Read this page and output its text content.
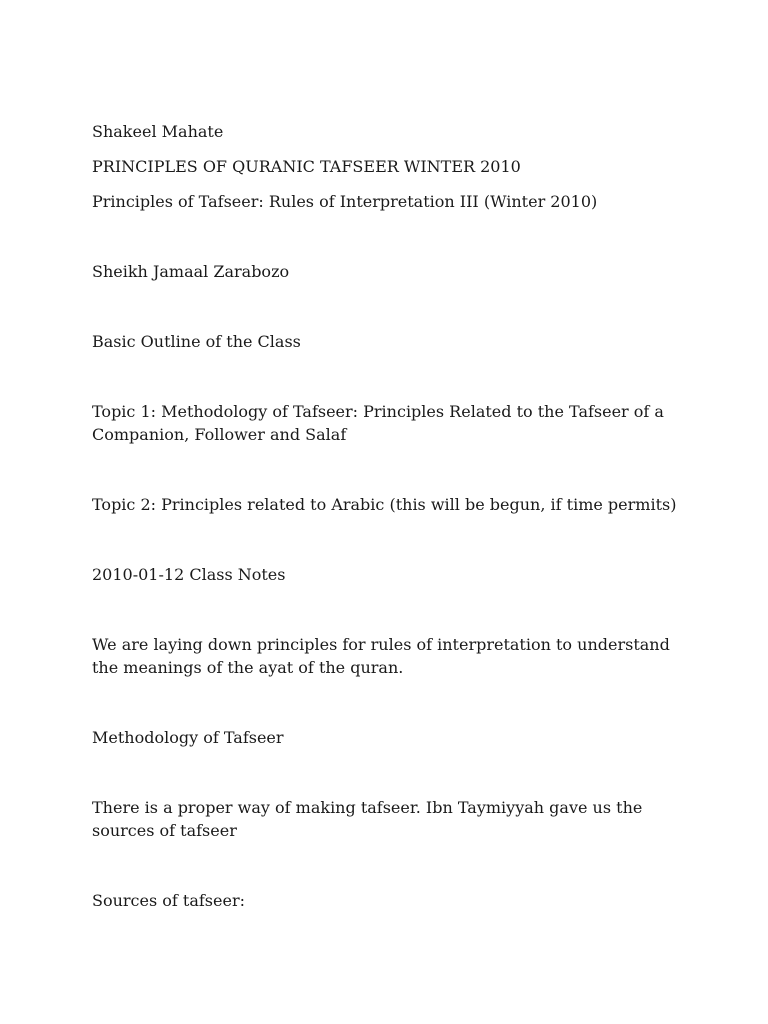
Shakeel Mahate

PRINCIPLES OF QURANIC TAFSEER WINTER 2010

Principles of Tafseer: Rules of Interpretation III (Winter 2010)

Sheikh Jamaal Zarabozo

Basic Outline of the Class

Topic 1: Methodology of Tafseer: Principles Related to the Tafseer of a Companion, Follower and Salaf

Topic 2: Principles related to Arabic (this will be begun, if time permits)

2010-01-12 Class Notes

We are laying down principles for rules of interpretation to understand the meanings of the ayat of the quran.

Methodology of Tafseer

There is a proper way of making tafseer. Ibn Taymiyyah gave us the sources of tafseer

Sources of tafseer:
